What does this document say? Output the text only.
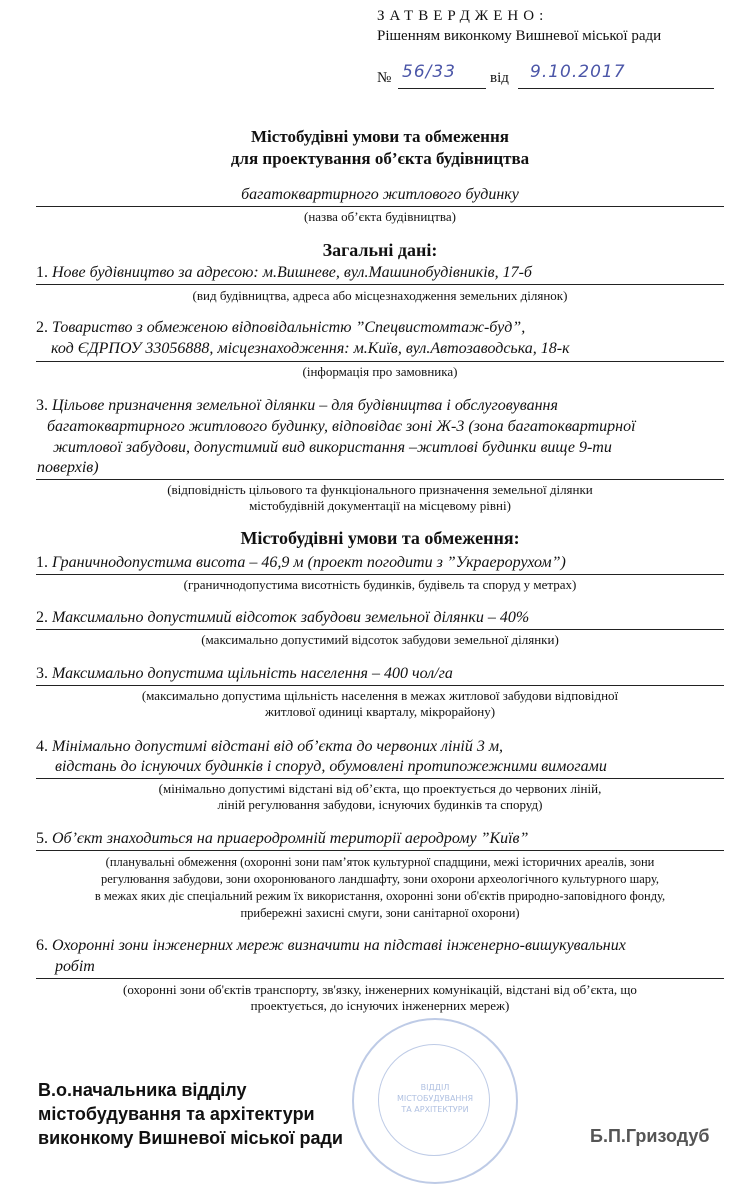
ЗАТВЕРДЖЕНО:
Рішенням виконкому Вишневої міської ради
№ 56/33 від 9.10.2017
Містобудівні умови та обмеження
для проектування об’єкта будівництва
багатоквартирного житлового будинку
(назва об’єкта будівництва)
Загальні дані:
1. Нове будівництво за адресою: м.Вишневе, вул.Машинобудівників, 17-б
(вид будівництва, адреса або місцезнаходження земельних ділянок)
2. Товариство з обмеженою відповідальністю ”Спецвистомтаж-буд”,
код ЄДРПОУ 33056888, місцезнаходження: м.Київ, вул.Автозаводська, 18-к
(інформація про замовника)
3. Цільове призначення земельної ділянки – для будівництва і обслуговування
багатоквартирного житлового будинку, відповідає зоні Ж-3 (зона багатоквартирної
житлової забудови, допустимий вид використання –житлові будинки вище 9-ти
поверхів)
(відповідність цільового та функціонального призначення земельної ділянки
містобудівній документації на місцевому рівні)
Містобудівні умови та обмеження:
1. Граничнодопустима висота – 46,9 м (проект погодити з ”Укрaерорухом”)
(граничнодопустима висотність будинків, будівель та споруд у метрах)
2. Максимально допустимий відсоток забудови земельної ділянки – 40%
(максимально допустимий відсоток забудови земельної ділянки)
3. Максимально допустима щільність населення – 400 чол/га
(максимально допустима щільність населення в межах житлової забудови відповідної
житлової одиниці кварталу, мікрорайону)
4. Мінімально допустимі відстані від об’єкта до червоних ліній 3 м,
відстань до існуючих будинків і споруд, обумовлені протипожежними вимогами
(мінімально допустимі відстані від об’єкта, що проектується до червоних ліній,
ліній регулювання забудови, існуючих будинків та споруд)
5. Об’єкт знаходиться на приаеродромній території аеродрому ”Київ”
(планувальні обмеження (охоронні зони пам’яток культурної спадщини, межі історичних ареалів, зони
регулювання забудови, зони охоронюваного ландшафту, зони охорони археологічного культурного шару,
в межах яких діє спеціальний режим їх використання, охоронні зони об'єктів природно-заповідного фонду,
прибережні захисні смуги, зони санітарної охорони)
6. Охоронні зони інженерних мереж визначити на підставі інженерно-вишукувальних
робіт
(охоронні зони об'єктів транспорту, зв'язку, інженерних комунікацій, відстані від об’єкта, що
проектується, до існуючих інженерних мереж)
ВІДДІЛ
МІСТОБУДУВАННЯ
ТА АРХІТЕКТУРИ
В.о.начальника відділу
містобудування та архітектури
виконкому Вишневої міської ради	Б.П.Гризодуб
